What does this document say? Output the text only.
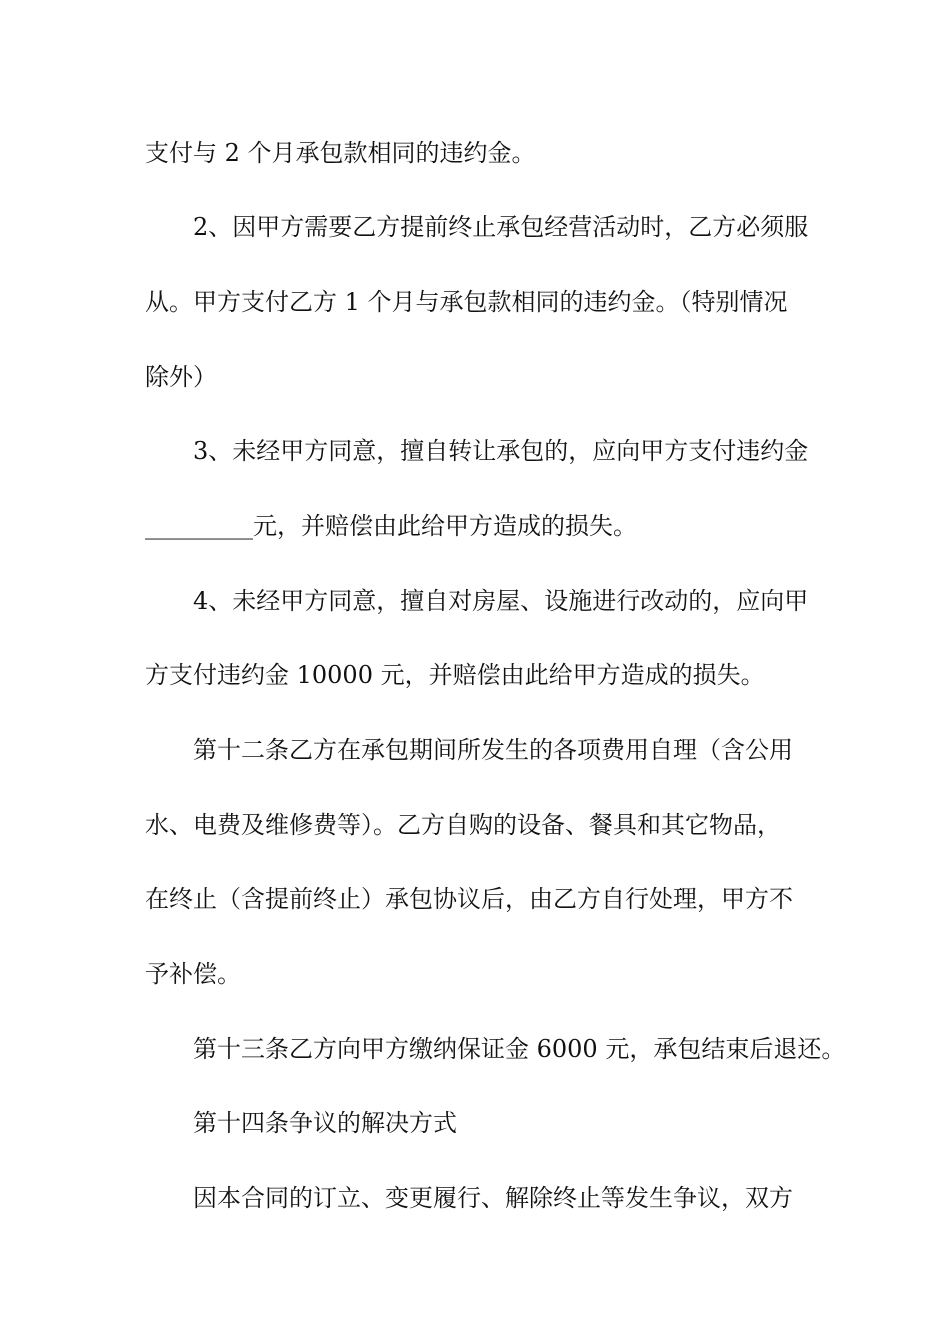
支付与 2 个月承包款相同的违约金。
2、因甲方需要乙方提前终止承包经营活动时，乙方必须服
从。甲方支付乙方 1 个月与承包款相同的违约金。（特别情况
除外）
3、未经甲方同意，擅自转让承包的，应向甲方支付违约金
_________元，并赔偿由此给甲方造成的损失。
4、未经甲方同意，擅自对房屋、设施进行改动的，应向甲
方支付违约金 10000 元，并赔偿由此给甲方造成的损失。
第十二条乙方在承包期间所发生的各项费用自理（含公用
水、电费及维修费等）。乙方自购的设备、餐具和其它物品，
在终止（含提前终止）承包协议后，由乙方自行处理，甲方不
予补偿。
第十三条乙方向甲方缴纳保证金 6000 元，承包结束后退还。
第十四条争议的解决方式
因本合同的订立、变更履行、解除终止等发生争议，双方
